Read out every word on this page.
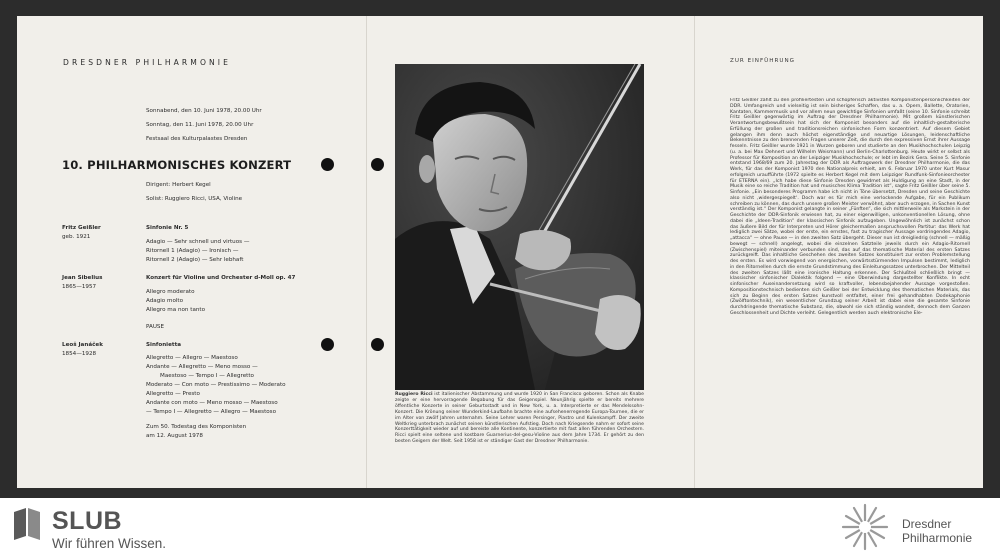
DRESDNER PHILHARMONIE
Sonnabend, den 10. Juni 1978, 20.00 Uhr
Sonntag, den 11. Juni 1978, 20.00 Uhr
Festsaal des Kulturpalastes Dresden
10. PHILHARMONISCHES KONZERT
Dirigent: Herbert Kegel
Solist: Ruggiero Ricci, USA, Violine
Fritz Geißler
geb. 1921
Sinfonie Nr. 5
Adagio — Sehr schnell und virtuos —
Ritornell 1 (Adagio) — Ironisch —
Ritornell 2 (Adagio) — Sehr lebhaft
Jean Sibelius
1865—1957
Konzert für Violine und Orchester d-Moll op. 47
Allegro moderato
Adagio molto
Allegro ma non tanto
PAUSE
Leoš Janáček
1854—1928
Sinfonietta
Allegretto — Allegro — Maestoso
Andante — Allegretto — Meno mosso —
Maestoso — Tempo I — Allegretto
Moderato — Con moto — Prestissimo — Moderato
Allegretto — Presto
Andante con moto — Meno mosso — Maestoso
— Tempo I — Allegretto — Allegro — Maestoso
Zum 50. Todestag des Komponisten
am 12. August 1978
Ruggiero Ricci ist italienischer Abstammung und wurde 1920 in San Francisco geboren. Schon als Knabe zeigte er eine hervorragende Begabung für das Geigenspiel. Neunjährig spielte er bereits mehrere öffentliche Konzerte in seiner Geburtsstadt und in New York, u. a. Interpretierte er das Mendelssohn-Konzert. Die Krönung seiner Wunderkind-Laufbahn brachte eine aufsehenerregende Europa-Tournee, die er im Alter von zwölf Jahren unternahm. Seine Lehrer waren Persinger, Piastro und Kulenkampff. Der zweite Weltkrieg unterbrach zunächst seinen künstlerischen Aufstieg. Doch nach Kriegsende nahm er sofort seine Konzerttätigkeit wieder auf und bereiste alle Kontinente, konzertierte mit fast allen führenden Orchestern. Ricci spielt eine seltene und kostbare Guarnerius-del-gesu-Violine aus dem Jahre 1734. Er gehört zu den besten Geigern der Welt. Seit 1958 ist er ständiger Gast der Dresdner Philharmonie.
ZUR EINFÜHRUNG
Fritz Geißler zählt zu den profiliertesten und schöpferisch aktivsten Komponistenpersönlichkeiten der DDR. Umfangreich und vielseitig ist sein bisheriges Schaffen, das u. a. Opern, Ballette, Oratorien, Kantaten, Kammermusik und vor allem neun gewichtige Sinfonien umfaßt (seine 10. Sinfonie schreibt Fritz Geißler gegenwärtig im Auftrag der Dresdner Philharmonie). Mit großem künstlerischen Verantwortungsbewußtsein hat sich der Komponist besonders auf die inhaltlich-gestalterische Erfüllung der großen und traditionsreichen sinfonischen Form konzentriert. Auf diesem Gebiet gelangen ihm denn auch höchst eigenständige und neuartige Lösungen, leidenschaftliche Bekenntnisse zu den brennenden Fragen unserer Zeit, die durch den expressiven Ernst ihrer Aussage fesseln. Fritz Geißler wurde 1921 in Wurzen geboren und studierte an den Musikhochschulen Leipzig (u. a. bei Max Dehnert und Wilhelm Weismann) und Berlin-Charlottenburg. Heute wirkt er selbst als Professor für Komposition an der Leipziger Musikhochschule; er lebt im Bezirk Gera. Seine 5. Sinfonie entstand 1968/69 zum 20. Jahrestag der DDR als Auftragswerk der Dresdner Philharmonie, die das Werk, für das der Komponist 1970 den Nationalpreis erhielt, am 6. Februar 1970 unter Kurt Masur erfolgreich uraufführte (1972 spielte es Herbert Kegel mit dem Leipziger Rundfunk-Sinfonieorchester für ETERNA ein). „Ich habe diese Sinfonie Dresden gewidmet als Huldigung an eine Stadt, in der Musik eine so reiche Tradition hat und musisches Klima Tradition ist“, sagte Fritz Geißler über seine 5. Sinfonie. „Ein besonderes Programm habe ich nicht in Töne übersetzt, Dresden und seine Geschichte also nicht ‚widergespiegelt‘. Doch war es für mich eine verlockende Aufgabe, für ein Publikum schreiben zu können, das durch unsere großen Meister verwöhnt, aber auch erzogen, in Sachen Kunst verständig ist.“ Der Komponist gelangte in seiner „Fünften“, die sich mittlerweile als Markstein in der Geschichte der DDR-Sinfonik erwiesen hat, zu einer eigenwilligen, unkonventionellen Lösung, ohne dabei die „Ideen-Tradition“ der klassischen Sinfonik aufzugeben. Ungewöhnlich ist zunächst schon das äußere Bild der für Interpreten und Hörer gleichermaßen anspruchsvollen Partitur: das Werk hat lediglich zwei Sätze, wobei der erste, ein ernstes, fast zu tragischer Aussage vordringendes Adagio, „attacca“ — ohne Pause — in den zweiten Satz übergeht. Dieser nun ist dreigliedrig (schnell — mäßig bewegt — schnell) angelegt, wobei die einzelnen Satzteile jeweils durch ein Adagio-Ritornell (Zwischenspiel) miteinander verbunden sind, das auf das thematische Material des ersten Satzes zurückgreift. Das inhaltliche Geschehen des zweiten Satzes konstituiert zur ersten Problemstellung des ersten. Es wird vorwiegend von energischen, vorwärtsstürmenden Impulsen bestimmt, lediglich in den Ritornellen durch die ernste Grundstimmung des Einleitungssatzes unterbrochen. Der Mittelteil des zweiten Satzes läßt eine ironische Haltung erkennen. Der Schlußteil schließlich bringt — klassischer sinfonischer Dialektik folgend — eine Überwindung dargestellter Konflikte. In echt sinfonischer Auseinandersetzung wird so kraftvoller, lebensbejahender Aussage vorgestoßen. Kompositionstechnisch bedienten sich Geißler bei der Entwicklung des thematischen Materials, das sich zu Beginn des ersten Satzes kunstvoll entfaltet, einer frei gehandhabten Dodekaphonie (Zwölftontechnik), ein wesentlicher Grundzug seiner Arbeit ist dabei eine die gesamte Sinfonie durchdringende thematische Substanz, die, obwohl sie sich ständig wandelt, dennoch dem Ganzen Geschlossenheit und Dichte verleiht. Gelegentlich werden auch elektronische Ele-
SLUB
Wir führen Wissen.
Dresdner
Philharmonie
